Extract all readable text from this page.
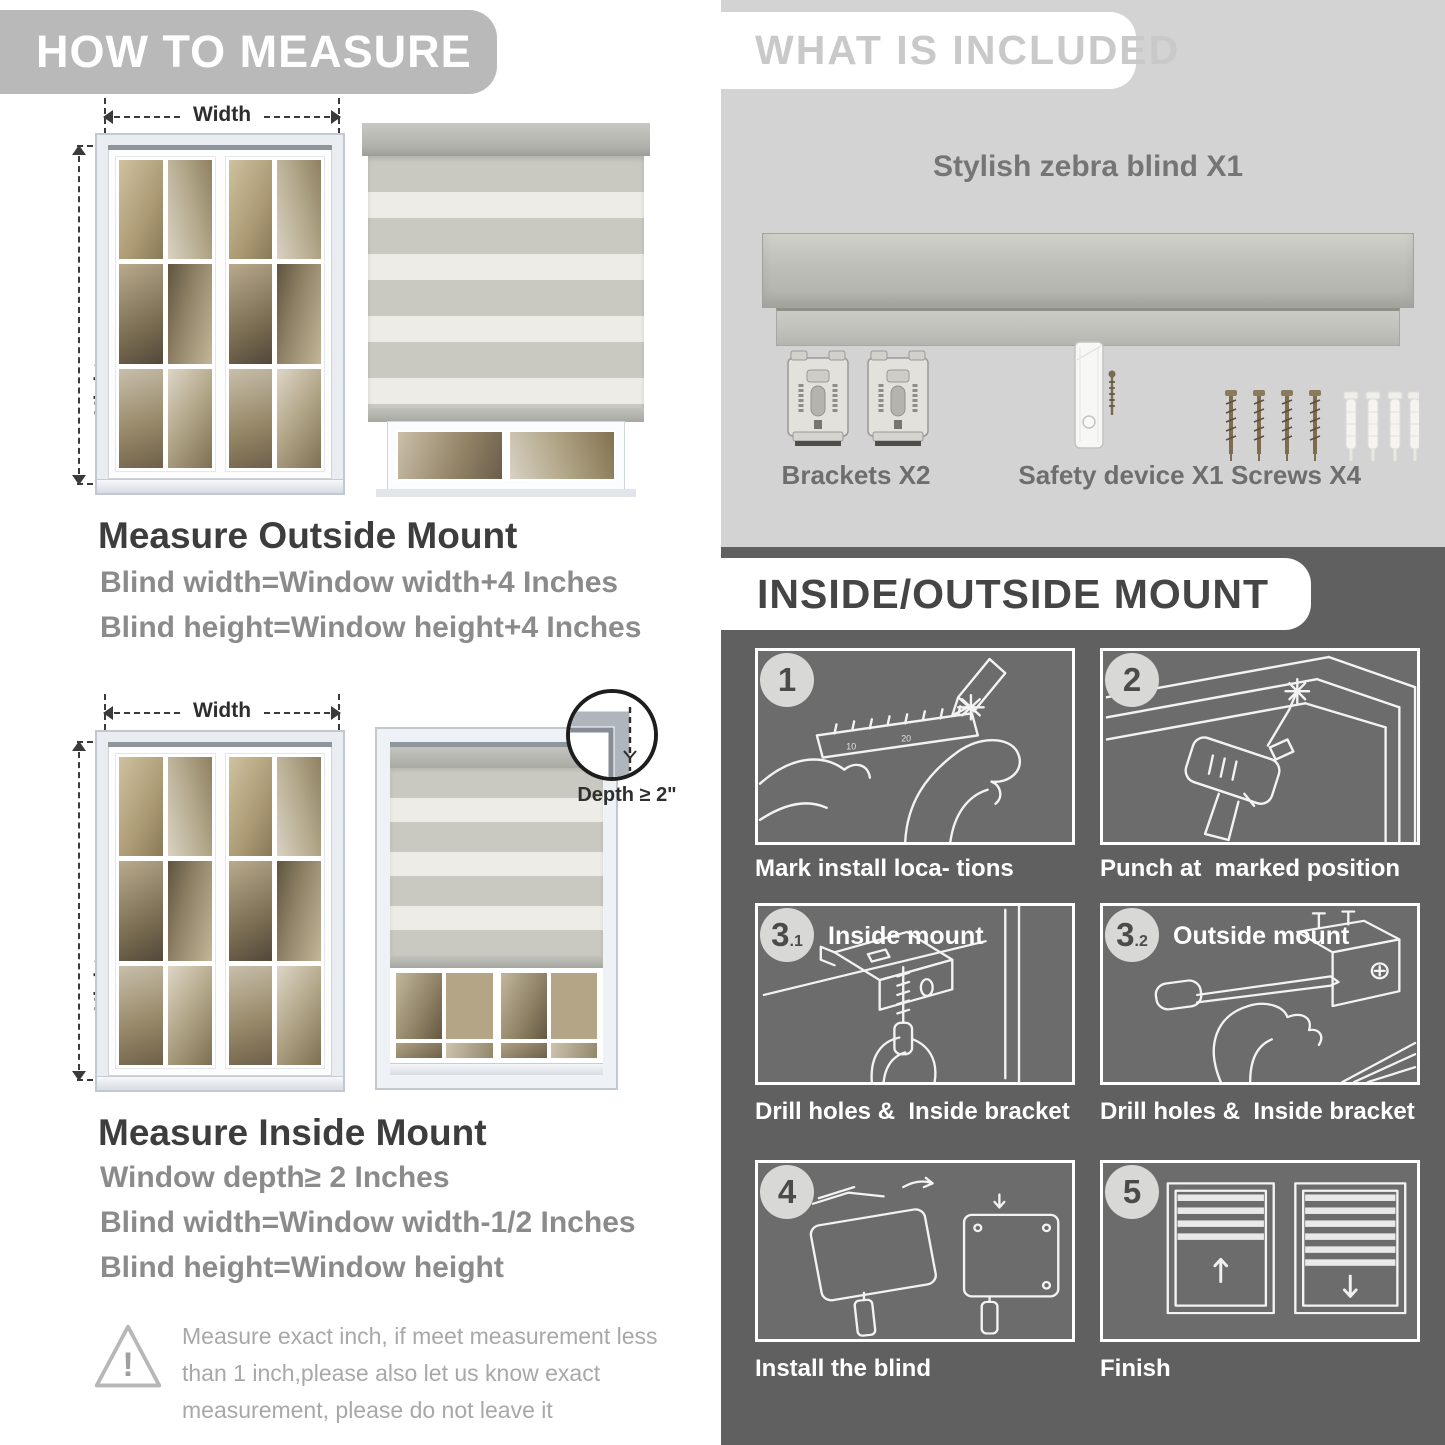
HOW TO MEASURE
Width
Measure Outside Mount
Blind width=Window width+4 Inches
Blind height=Window height+4 Inches
Width
Depth ≥ 2"
Measure Inside Mount
Window depth≥ 2 Inches
Blind width=Window width-1/2 Inches
Blind height=Window height
!
Measure exact inch, if meet measurement less
than 1 inch,please also let us know exact
measurement, please do not leave it
WHAT IS INCLUDED
Stylish zebra blind X1
Brackets X2	Safety device X1 Screws X4
INSIDE/OUTSIDE MOUNT
10
20
1
Mark install loca- tions
2
Punch at  marked position
3 .1 Inside mount
Drill holes &  Inside bracket
3 .2 Outside mount
Drill holes &  Inside bracket
4
Install the blind
5
Finish
